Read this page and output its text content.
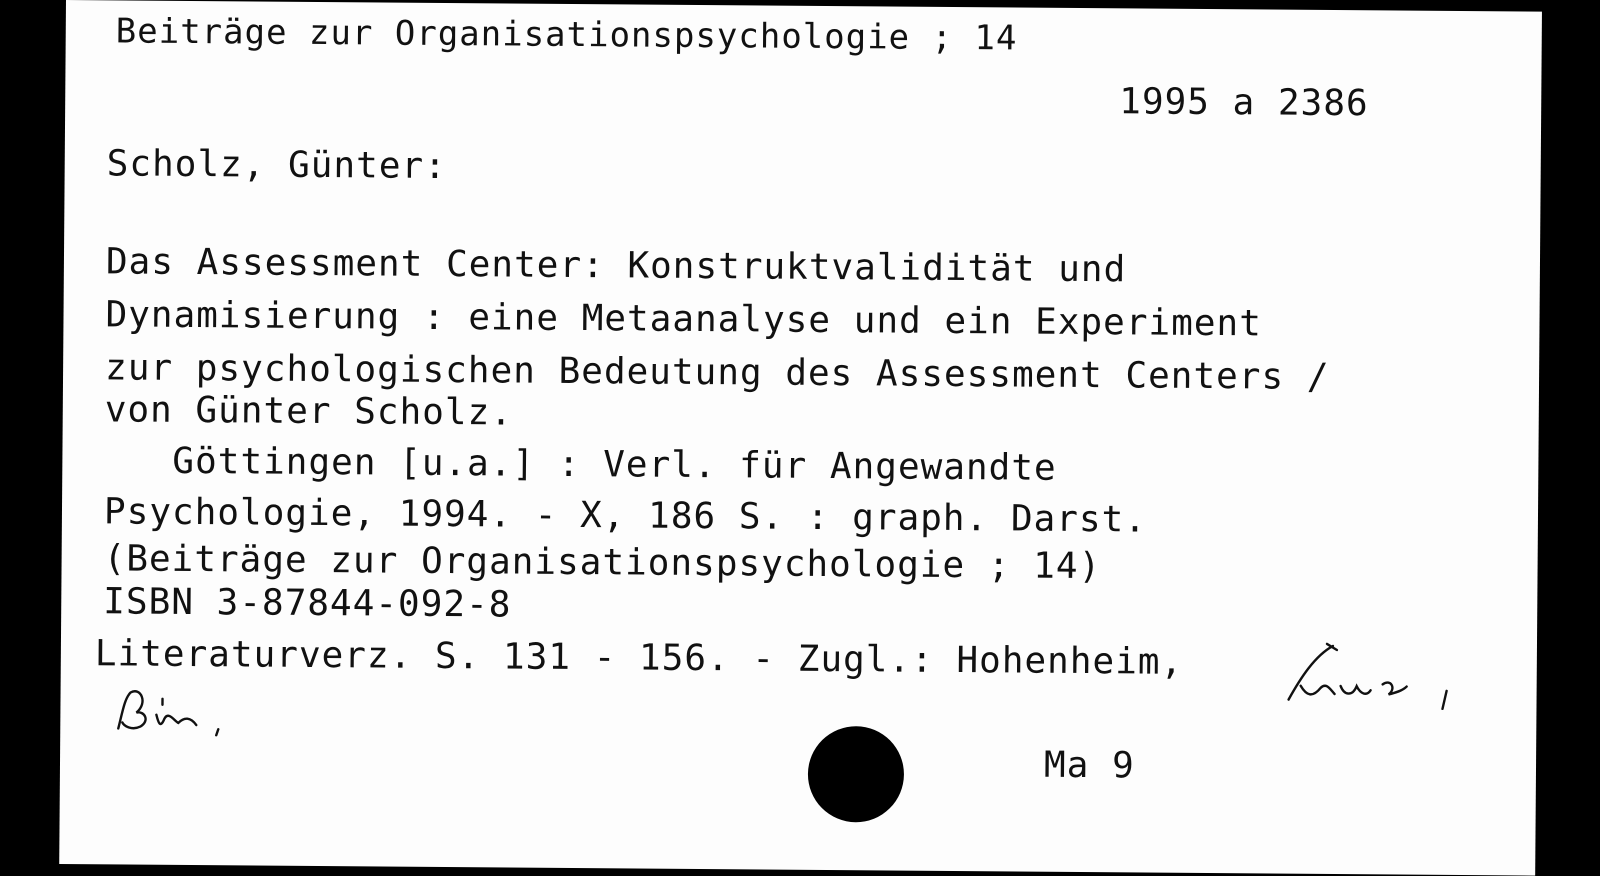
Beiträge zur Organisationspsychologie ; 14
1995 a 2386
Scholz, Günter:
Das Assessment Center: Konstruktvalidität und
Dynamisierung : eine Metaanalyse und ein Experiment
zur psychologischen Bedeutung des Assessment Centers /
von Günter Scholz.
Göttingen [u.a.] : Verl. für Angewandte
Psychologie, 1994. - X, 186 S. : graph. Darst.
(Beiträge zur Organisationspsychologie ; 14)
ISBN 3-87844-092-8
Literaturverz. S. 131 - 156. - Zugl.: Hohenheim,
Ma 9
